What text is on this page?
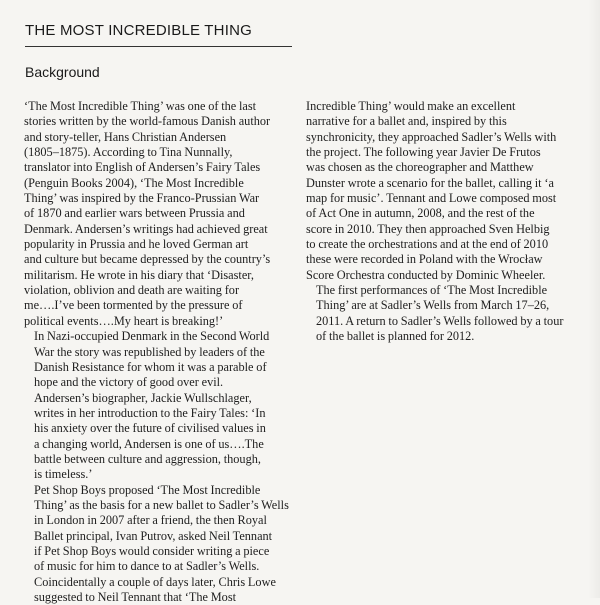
THE MOST INCREDIBLE THING
Background

‘The Most Incredible Thing’ was one of the last
stories written by the world-famous Danish author
and story-teller, Hans Christian Andersen
(1805–1875). According to Tina Nunnally,
translator into English of Andersen’s Fairy Tales
(Penguin Books 2004), ‘The Most Incredible
Thing’ was inspired by the Franco-Prussian War
of 1870 and earlier wars between Prussia and
Denmark. Andersen’s writings had achieved great
popularity in Prussia and he loved German art
and culture but became depressed by the country’s
militarism. He wrote in his diary that ‘Disaster,
violation, oblivion and death are waiting for
me….I’ve been tormented by the pressure of
political events….My heart is breaking!’

In Nazi-occupied Denmark in the Second World
War the story was republished by leaders of the
Danish Resistance for whom it was a parable of
hope and the victory of good over evil.

Andersen’s biographer, Jackie Wullschlager,
writes in her introduction to the Fairy Tales: ‘In
his anxiety over the future of civilised values in
a changing world, Andersen is one of us….The
battle between culture and aggression, though,
is timeless.’

Pet Shop Boys proposed ‘The Most Incredible
Thing’ as the basis for a new ballet to Sadler’s Wells
in London in 2007 after a friend, the then Royal
Ballet principal, Ivan Putrov, asked Neil Tennant
if Pet Shop Boys would consider writing a piece
of music for him to dance to at Sadler’s Wells.
Coincidentally a couple of days later, Chris Lowe
suggested to Neil Tennant that ‘The Most

Incredible Thing’ would make an excellent
narrative for a ballet and, inspired by this
synchronicity, they approached Sadler’s Wells with
the project. The following year Javier De Frutos
was chosen as the choreographer and Matthew
Dunster wrote a scenario for the ballet, calling it ‘a
map for music’. Tennant and Lowe composed most
of Act One in autumn, 2008, and the rest of the
score in 2010. They then approached Sven Helbig
to create the orchestrations and at the end of 2010
these were recorded in Poland with the Wrocław
Score Orchestra conducted by Dominic Wheeler.

The first performances of ‘The Most Incredible
Thing’ are at Sadler’s Wells from March 17–26,
2011. A return to Sadler’s Wells followed by a tour
of the ballet is planned for 2012.
